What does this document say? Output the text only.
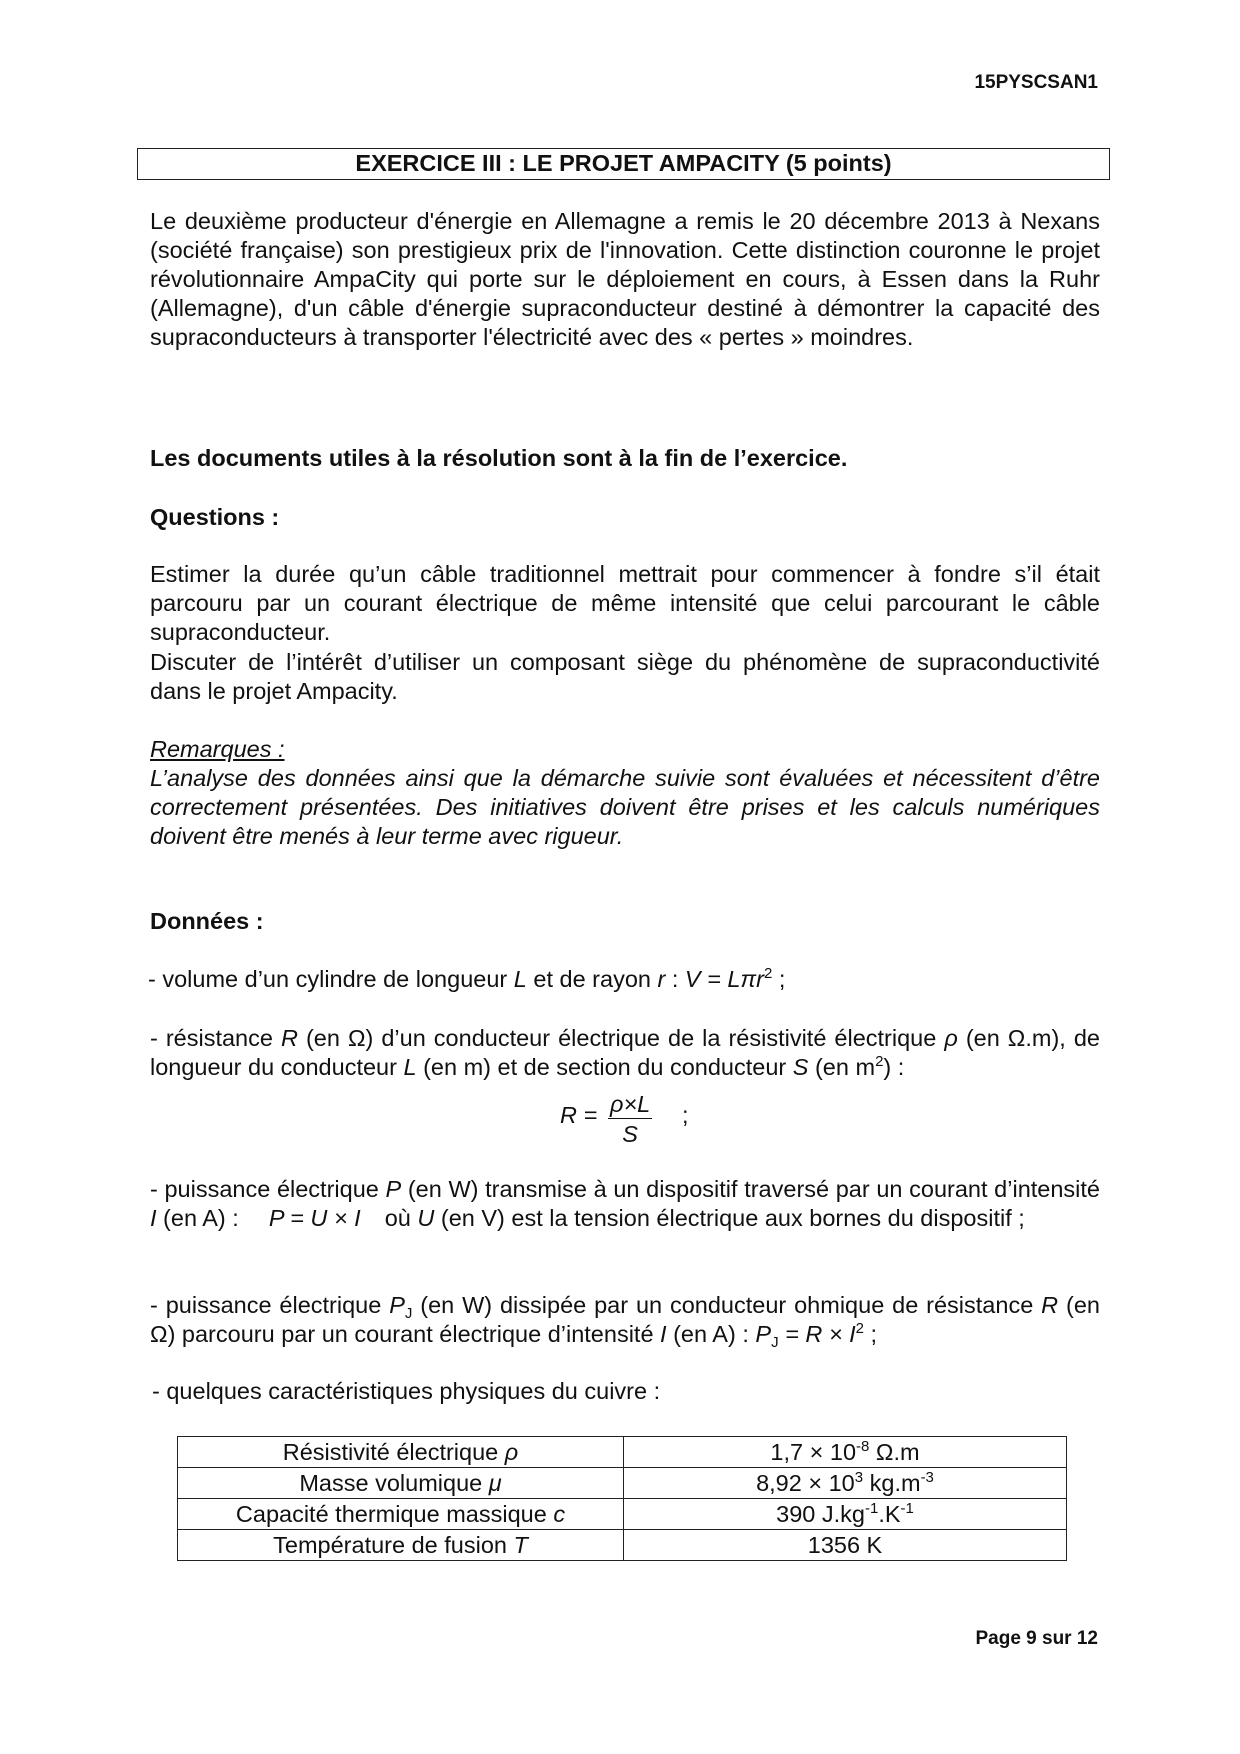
15PYSCSAN1
EXERCICE III : LE PROJET AMPACITY (5 points)
Le deuxième producteur d'énergie en Allemagne a remis le 20 décembre 2013 à Nexans (société française) son prestigieux prix de l'innovation. Cette distinction couronne le projet révolutionnaire AmpaCity qui porte sur le déploiement en cours, à Essen dans la Ruhr (Allemagne), d'un câble d'énergie supraconducteur destiné à démontrer la capacité des supraconducteurs à transporter l'électricité avec des « pertes » moindres.
Les documents utiles à la résolution sont à la fin de l’exercice.
Questions :
Estimer la durée qu’un câble traditionnel mettrait pour commencer à fondre s’il était parcouru par un courant électrique de même intensité que celui parcourant le câble supraconducteur.
Discuter de l’intérêt d’utiliser un composant siège du phénomène de supraconductivité dans le projet Ampacity.
Remarques :
L’analyse des données ainsi que la démarche suivie sont évaluées et nécessitent d’être correctement présentées. Des initiatives doivent être prises et les calculs numériques doivent être menés à leur terme avec rigueur.
Données :
- volume d’un cylindre de longueur L et de rayon r : V = Lπr$^2$ ;
- résistance R (en Ω) d’un conducteur électrique de la résistivité électrique ρ (en Ω.m), de longueur du conducteur L (en m) et de section du conducteur S (en $m^2$) :
$R = \frac{\rho\times L}{S}$ ;
- puissance électrique P (en W) transmise à un dispositif traversé par un courant d’intensité I (en A) : P = U × I où U (en V) est la tension électrique aux bornes du dispositif ;
- puissance électrique $P_J$ (en W) dissipée par un conducteur ohmique de résistance R (en Ω) parcouru par un courant électrique d’intensité I (en A) : $P_J = R \times I^2$ ;
- quelques caractéristiques physiques du cuivre :
Résistivité électrique ρ	$1,7 \times 10^{-8}$ Ω.m
Masse volumique μ	$8,92 \times 10^3$ $kg.m^{-3}$
Capacité thermique massique c	390 $J.kg^{-1}.K^{-1}$
Température de fusion T	1356 K
Page 9 sur 12
